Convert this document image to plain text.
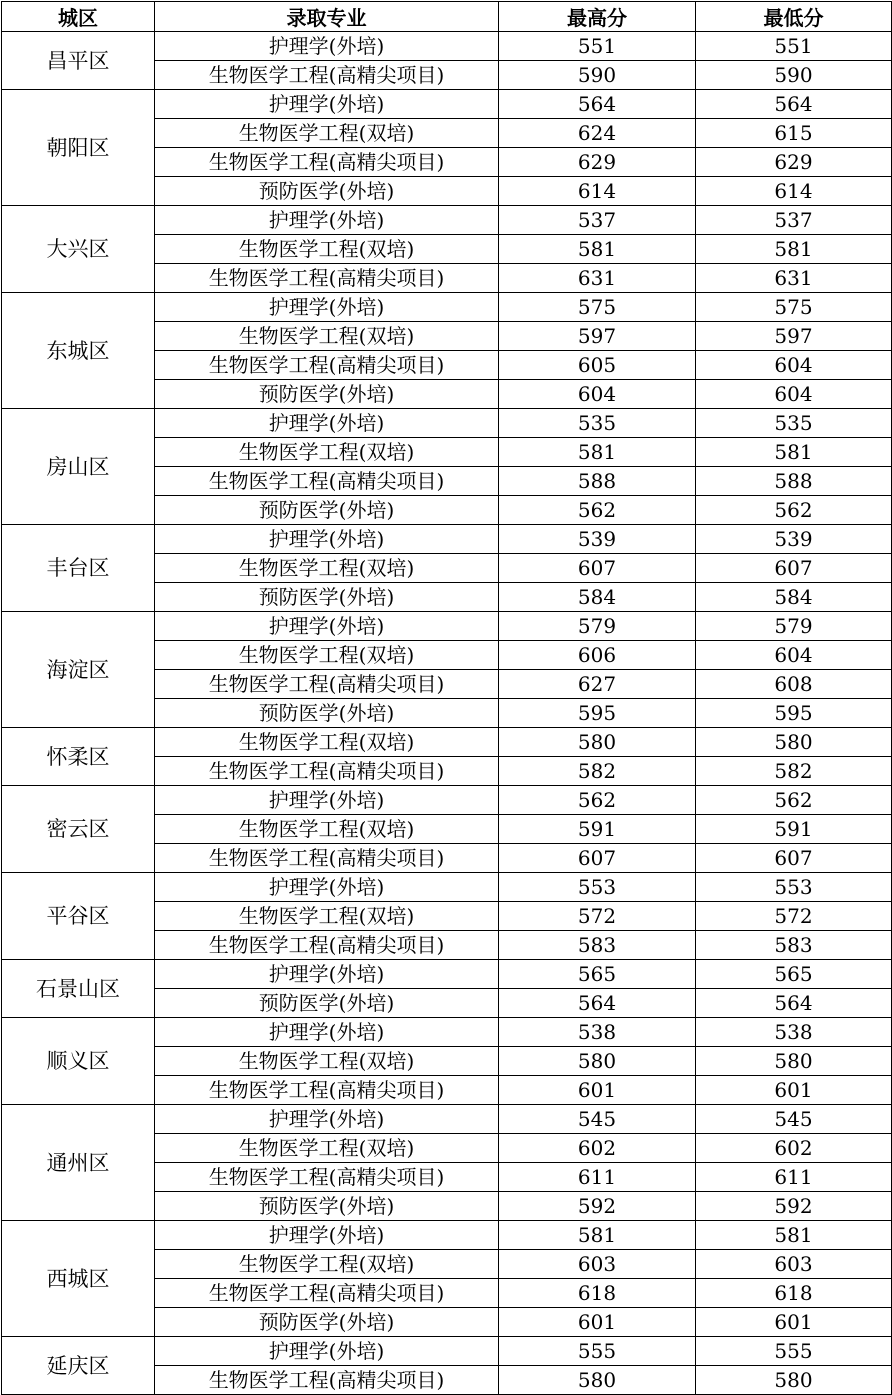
城区	录取专业	最高分	最低分
昌平区	护理学(外培)	551	551
	生物医学工程(高精尖项目)	590	590
朝阳区	护理学(外培)	564	564
	生物医学工程(双培)	624	615
	生物医学工程(高精尖项目)	629	629
	预防医学(外培)	614	614
大兴区	护理学(外培)	537	537
	生物医学工程(双培)	581	581
	生物医学工程(高精尖项目)	631	631
东城区	护理学(外培)	575	575
	生物医学工程(双培)	597	597
	生物医学工程(高精尖项目)	605	604
	预防医学(外培)	604	604
房山区	护理学(外培)	535	535
	生物医学工程(双培)	581	581
	生物医学工程(高精尖项目)	588	588
	预防医学(外培)	562	562
丰台区	护理学(外培)	539	539
	生物医学工程(双培)	607	607
	预防医学(外培)	584	584
海淀区	护理学(外培)	579	579
	生物医学工程(双培)	606	604
	生物医学工程(高精尖项目)	627	608
	预防医学(外培)	595	595
怀柔区	生物医学工程(双培)	580	580
	生物医学工程(高精尖项目)	582	582
密云区	护理学(外培)	562	562
	生物医学工程(双培)	591	591
	生物医学工程(高精尖项目)	607	607
平谷区	护理学(外培)	553	553
	生物医学工程(双培)	572	572
	生物医学工程(高精尖项目)	583	583
石景山区	护理学(外培)	565	565
	预防医学(外培)	564	564
顺义区	护理学(外培)	538	538
	生物医学工程(双培)	580	580
	生物医学工程(高精尖项目)	601	601
通州区	护理学(外培)	545	545
	生物医学工程(双培)	602	602
	生物医学工程(高精尖项目)	611	611
	预防医学(外培)	592	592
西城区	护理学(外培)	581	581
	生物医学工程(双培)	603	603
	生物医学工程(高精尖项目)	618	618
	预防医学(外培)	601	601
延庆区	护理学(外培)	555	555
	生物医学工程(高精尖项目)	580	580
